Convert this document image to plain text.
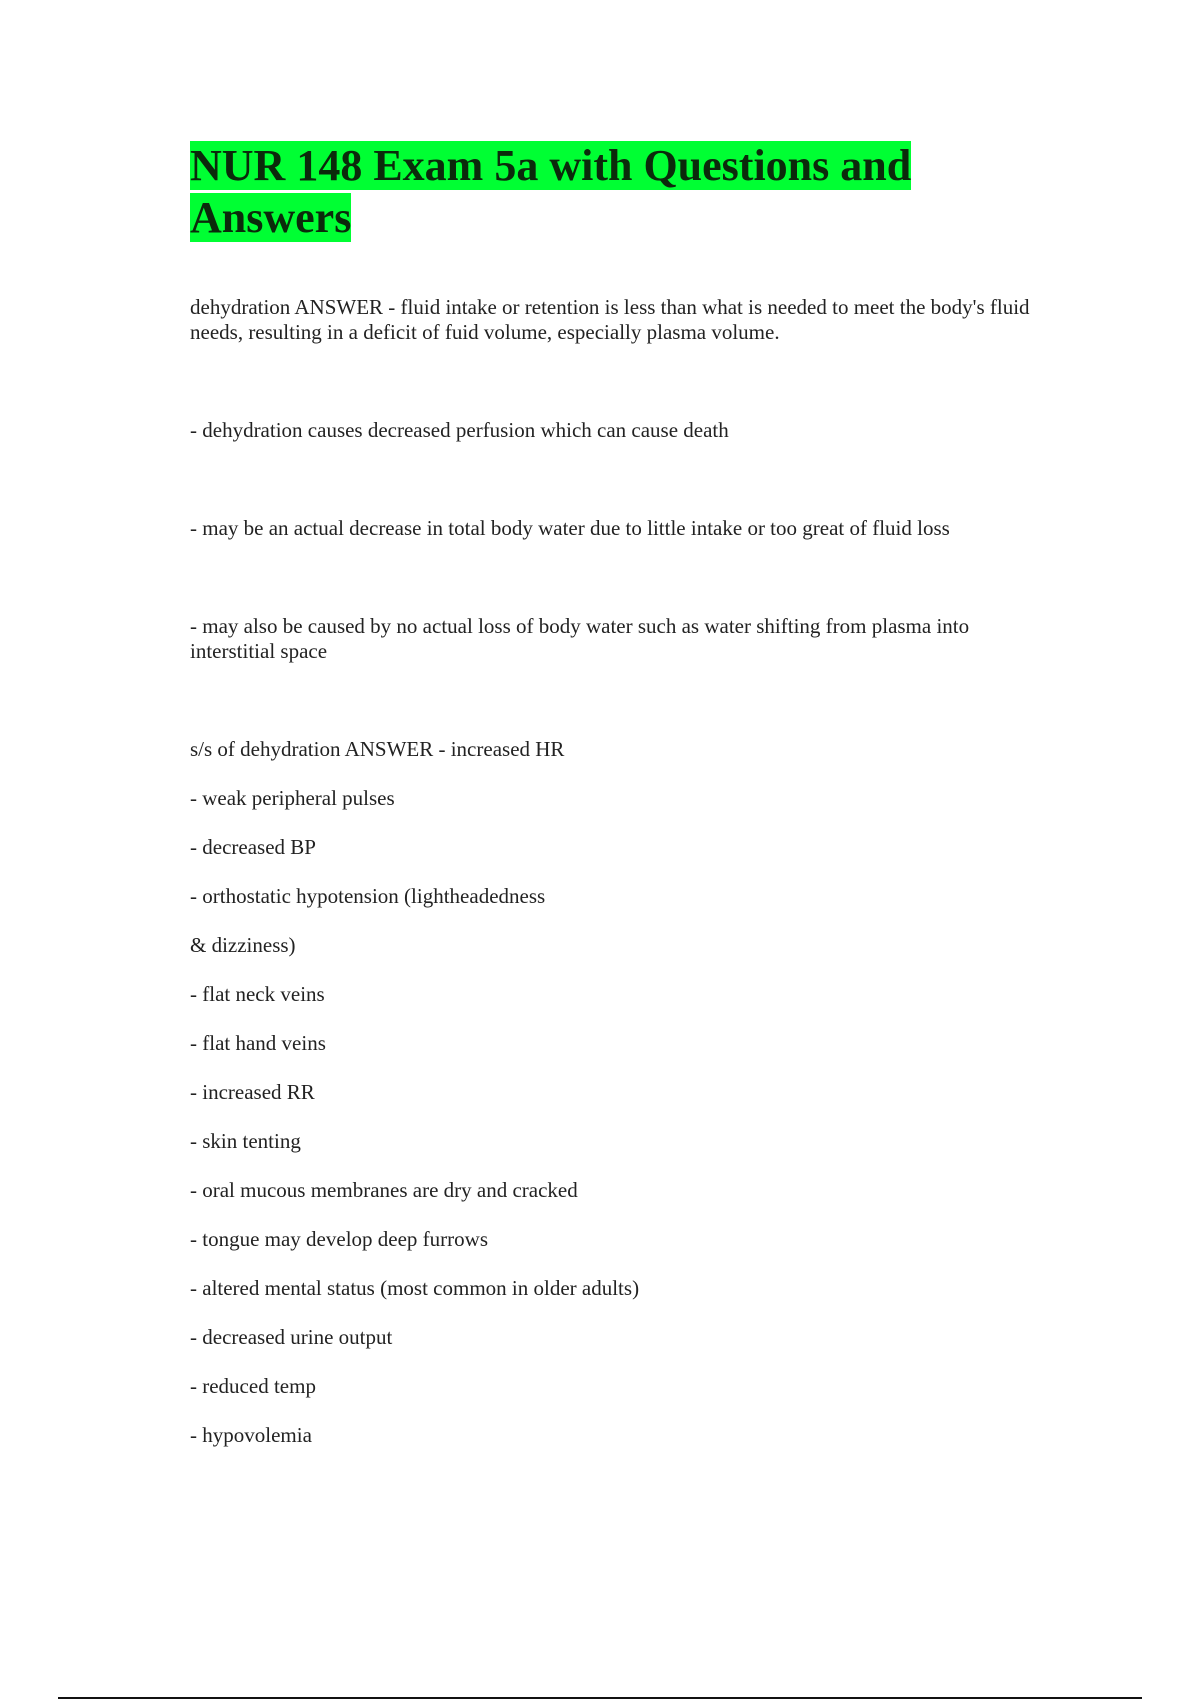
NUR 148 Exam 5a with Questions and Answers

dehydration ANSWER - fluid intake or retention is less than what is needed to meet the body's fluid needs, resulting in a deficit of fuid volume, especially plasma volume.

- dehydration causes decreased perfusion which can cause death

- may be an actual decrease in total body water due to little intake or too great of fluid loss

- may also be caused by no actual loss of body water such as water shifting from plasma into interstitial space

s/s of dehydration ANSWER - increased HR
- weak peripheral pulses
- decreased BP
- orthostatic hypotension (lightheadedness
& dizziness)
- flat neck veins
- flat hand veins
- increased RR
- skin tenting
- oral mucous membranes are dry and cracked
- tongue may develop deep furrows
- altered mental status (most common in older adults)
- decreased urine output
- reduced temp
- hypovolemia
